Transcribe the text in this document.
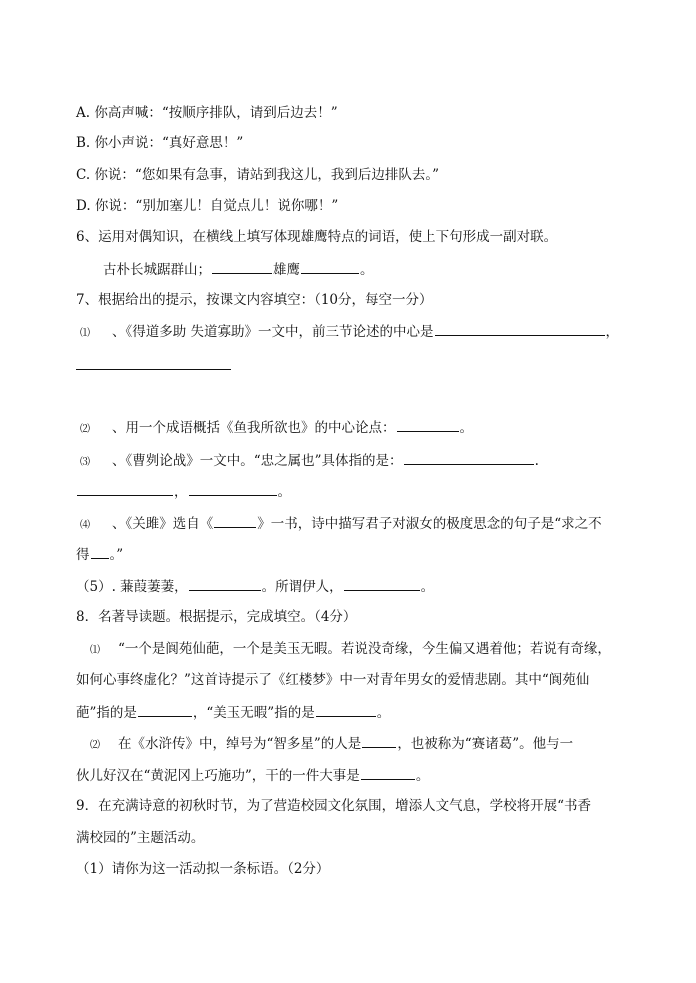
A. 你高声喊：“按顺序排队，请到后边去！”
B. 你小声说：“真好意思！”
C. 你说：“您如果有急事，请站到我这儿，我到后边排队去。”
D. 你说：“别加塞儿！自觉点儿！说你哪！”
6、运用对偶知识，在横线上填写体现雄鹰特点的词语，使上下句形成一副对联。
古朴长城踞群山；	雄鹰	。
7、根据给出的提示，按课文内容填空：（10分，每空一分）
⑴ 、《得道多助 失道寡助》一文中，前三节论述的中心是	，
⑵ 、用一个成语概括《鱼我所欲也》的中心论点：	。
⑶ 、《曹刿论战》一文中。“忠之属也”具体指的是：	.
，	。
⑷ 、《关雎》选自《	》一书，诗中描写君子对淑女的极度思念的句子是“求之不
得 。”
（5）. 蒹葭萋萋，	。所谓伊人，	。
8．名著导读题。根据提示，完成填空。（4分）
⑴ “一个是阆苑仙葩，一个是美玉无暇。若说没奇缘，今生偏又遇着他；若说有奇缘，
如何心事终虚化？”这首诗提示了《红楼梦》中一对青年男女的爱情悲剧。其中“阆苑仙
葩”指的是	，“美玉无暇”指的是	。
⑵ 在《水浒传》中，绰号为“智多星”的人是	，也被称为“赛诸葛”。他与一
伙儿好汉在“黄泥冈上巧施功”，干的一件大事是	。
9．在充满诗意的初秋时节，为了营造校园文化氛围，增添人文气息，学校将开展“书香
满校园的”主题活动。
（1）请你为这一活动拟一条标语。（2分）
